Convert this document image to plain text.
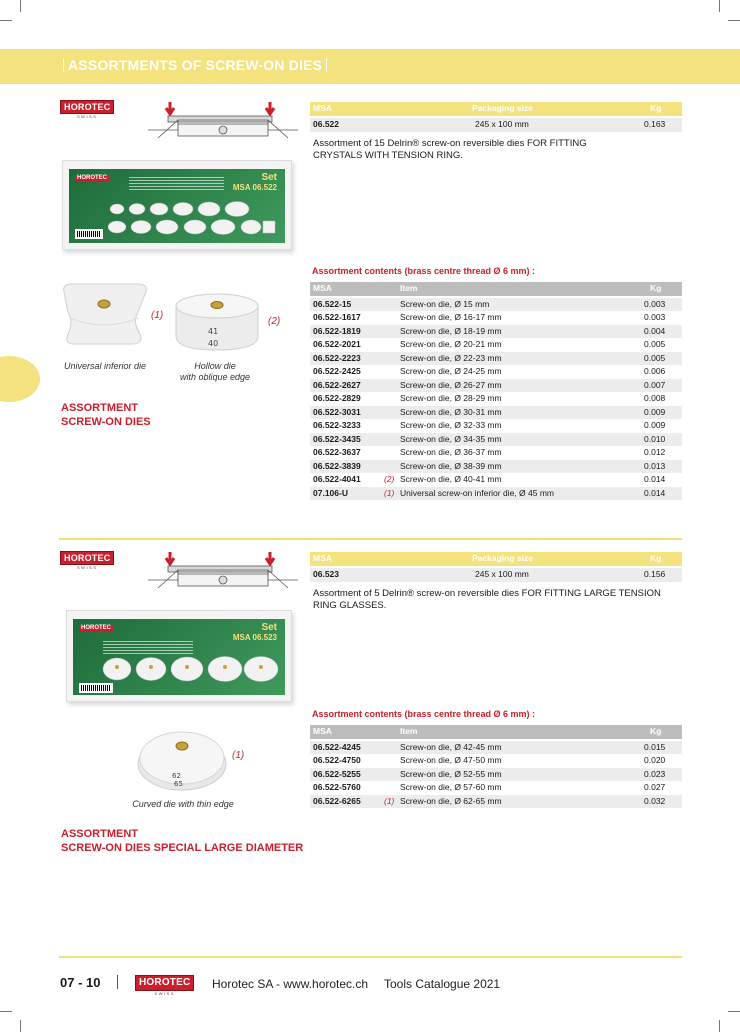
ASSORTMENTS OF SCREW-ON DIES
HOROTEC
SWISS
MSA	Packaging size	Kg
06.522	245 x 100 mm	0.163
Assortment of 15 Delrin® screw-on reversible dies FOR FITTING CRYSTALS WITH TENSION RING.
HOROTEC	Set
MSA 06.522
Assortment contents (brass centre thread Ø 6 mm) :
MSA	Item	Kg
06.522-15	Screw-on die, Ø 15 mm	0.003
06.522-1617	Screw-on die, Ø 16-17 mm	0.003
06.522-1819	Screw-on die, Ø 18-19 mm	0.004
06.522-2021	Screw-on die, Ø 20-21 mm	0.005
06.522-2223	Screw-on die, Ø 22-23 mm	0.005
06.522-2425	Screw-on die, Ø 24-25 mm	0.006
06.522-2627	Screw-on die, Ø 26-27 mm	0.007
06.522-2829	Screw-on die, Ø 28-29 mm	0.008
06.522-3031	Screw-on die, Ø 30-31 mm	0.009
06.522-3233	Screw-on die, Ø 32-33 mm	0.009
06.522-3435	Screw-on die, Ø 34-35 mm	0.010
06.522-3637	Screw-on die, Ø 36-37 mm	0.012
06.522-3839	Screw-on die, Ø 38-39 mm	0.013
06.522-4041	(2) Screw-on die, Ø 40-41 mm	0.014
07.106-U	(1) Universal screw-on inferior die, Ø 45 mm	0.014
(1)
41
40
(2)
Universal inferior die	Hollow die
with oblique edge
ASSORTMENT
SCREW-ON DIES
HOROTEC
SWISS
MSA	Packaging size	Kg
06.523	245 x 100 mm	0.156
Assortment of 5 Delrin® screw-on reversible dies FOR FITTING LARGE TENSION RING GLASSES.
HOROTEC	Set
MSA 06.523
Assortment contents (brass centre thread Ø 6 mm) :
MSA	Item	Kg
06.522-4245	Screw-on die, Ø 42-45 mm	0.015
06.522-4750	Screw-on die, Ø 47-50 mm	0.020
06.522-5255	Screw-on die, Ø 52-55 mm	0.023
06.522-5760	Screw-on die, Ø 57-60 mm	0.027
06.522-6265	(1) Screw-on die, Ø 62-65 mm	0.032
62
65
(1)
Curved die with thin edge
ASSORTMENT
SCREW-ON DIES SPECIAL LARGE DIAMETER
07 - 10	HOROTEC
SWISS
Horotec SA - www.horotec.ch Tools Catalogue 2021
